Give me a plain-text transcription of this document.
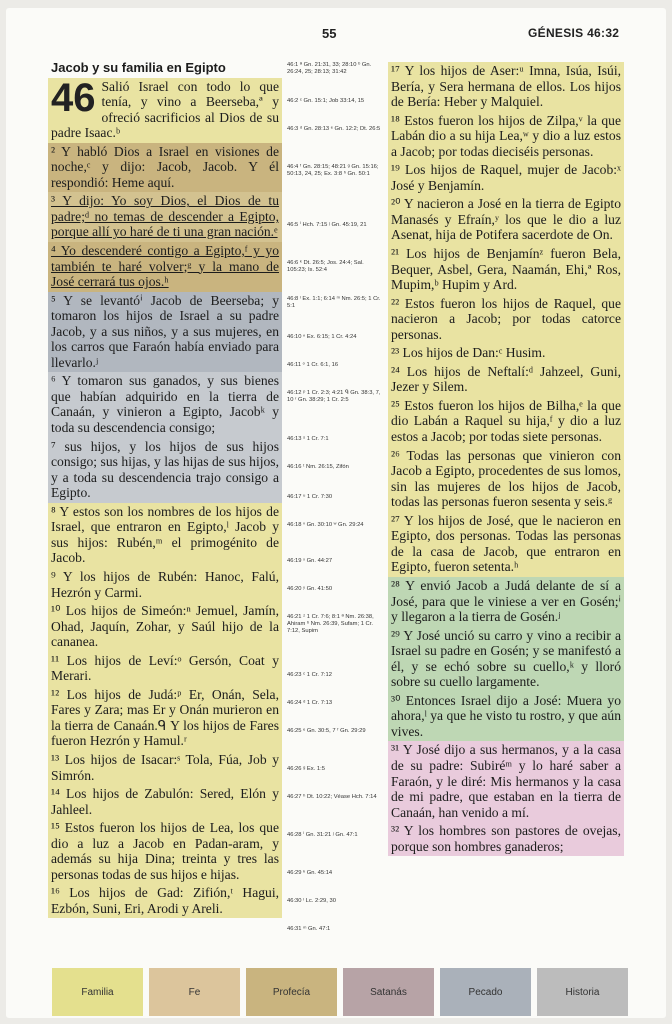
55	GÉNESIS 46:32
Jacob y su familia en Egipto
46 Salió Israel con todo lo que tenía, y vino a Beerseba,ª y ofreció sacrificios al Dios de su padre Isaac.ᵇ
² Y habló Dios a Israel en visiones de noche,ᶜ y dijo: Jacob, Jacob. Y él respondió: Heme aquí.
³ Y dijo: Yo soy Dios, el Dios de tu padre;ᵈ no temas de descender a Egipto, porque allí yo haré de ti una gran nación.ᵉ
⁴ Yo descenderé contigo a Egipto,ᶠ y yo también te haré volver;ᵍ y la mano de José cerrará tus ojos.ʰ
⁵ Y se levantóⁱ Jacob de Beerseba; y tomaron los hijos de Israel a su padre Jacob, y a sus niños, y a sus mujeres, en los carros que Faraón había enviado para llevarlo.ʲ
⁶ Y tomaron sus ganados, y sus bienes que habían adquirido en la tierra de Canaán, y vinieron a Egipto, Jacobᵏ y toda su descendencia consigo;
⁷ sus hijos, y los hijos de sus hijos consigo; sus hijas, y las hijas de sus hijos, y a toda su descendencia trajo consigo a Egipto.
⁸ Y estos son los nombres de los hijos de Israel, que entraron en Egipto,ˡ Jacob y sus hijos: Rubén,ᵐ el primogénito de Jacob.
⁹ Y los hijos de Rubén: Hanoc, Falú, Hezrón y Carmi.
¹⁰ Los hijos de Simeón:ⁿ Jemuel, Jamín, Ohad, Jaquín, Zohar, y Saúl hijo de la cananea.
¹¹ Los hijos de Leví:ᵒ Gersón, Coat y Merari.
¹² Los hijos de Judá:ᵖ Er, Onán, Sela, Fares y Zara; mas Er y Onán murieron en la tierra de Canaán.ᑫ Y los hijos de Fares fueron Hezrón y Hamul.ʳ
¹³ Los hijos de Isacar:ˢ Tola, Fúa, Job y Simrón.
¹⁴ Los hijos de Zabulón: Sered, Elón y Jahleel.
¹⁵ Estos fueron los hijos de Lea, los que dio a luz a Jacob en Padan-aram, y además su hija Dina; treinta y tres las personas todas de sus hijos e hijas.
¹⁶ Los hijos de Gad: Zifión,ᵗ Hagui, Ezbón, Suni, Eri, Arodi y Areli.
46:1 ª Gn. 21:31, 33; 28:10 ᵇ Gn. 26:24, 25; 28:13; 31:42
46:2 ᶜ Gn. 15:1; Job 33:14, 15
46:3 ᵈ Gn. 28:13 ᵉ Gn. 12:2; Dt. 26:5
46:4 ᶠ Gn. 28:15; 48:21 ᵍ Gn. 15:16; 50:13, 24, 25; Ex. 3:8 ʰ Gn. 50:1
46:5 ⁱ Hch. 7:15 ʲ Gn. 45:19, 21
46:6 ᵏ Dt. 26:5; Jos. 24:4; Sal. 105:23; Is. 52:4
46:8 ˡ Ex. 1:1; 6:14 ᵐ Nm. 26:5; 1 Cr. 5:1
46:10 ⁿ Ex. 6:15; 1 Cr. 4:24
46:11 ᵒ 1 Cr. 6:1, 16
46:12 ᵖ 1 Cr. 2:3; 4:21 ᑫ Gn. 38:3, 7, 10 ʳ Gn. 38:29; 1 Cr. 2:5
46:13 ˢ 1 Cr. 7:1
46:16 ᵗ Nm. 26:15, Zifón
46:17 ᵘ 1 Cr. 7:30
46:18 ᵛ Gn. 30:10 ʷ Gn. 29:24
46:19 ˣ Gn. 44:27
46:20 ʸ Gn. 41:50
46:21 ᶻ 1 Cr. 7:6; 8:1 ª Nm. 26:38, Ahiram ᵇ Nm. 26:39, Sufam; 1 Cr. 7:12, Supim
46:23 ᶜ 1 Cr. 7:12
46:24 ᵈ 1 Cr. 7:13
46:25 ᵉ Gn. 30:5, 7 ᶠ Gn. 29:29
46:26 ᵍ Ex. 1:5
46:27 ʰ Dt. 10:22; Véase Hch. 7:14
46:28 ⁱ Gn. 31:21 ʲ Gn. 47:1
46:29 ᵏ Gn. 45:14
46:30 ˡ Lc. 2:29, 30
46:31 ᵐ Gn. 47:1
¹⁷ Y los hijos de Aser:ᵘ Imna, Isúa, Isúi, Bería, y Sera hermana de ellos. Los hijos de Bería: Heber y Malquiel.
¹⁸ Estos fueron los hijos de Zilpa,ᵛ la que Labán dio a su hija Lea,ʷ y dio a luz estos a Jacob; por todas dieciséis personas.
¹⁹ Los hijos de Raquel, mujer de Jacob:ˣ José y Benjamín.
²⁰ Y nacieron a José en la tierra de Egipto Manasés y Efraín,ʸ los que le dio a luz Asenat, hija de Potifera sacerdote de On.
²¹ Los hijos de Benjamínᶻ fueron Bela, Bequer, Asbel, Gera, Naamán, Ehi,ª Ros, Mupim,ᵇ Hupim y Ard.
²² Estos fueron los hijos de Raquel, que nacieron a Jacob; por todas catorce personas.
²³ Los hijos de Dan:ᶜ Husim.
²⁴ Los hijos de Neftalí:ᵈ Jahzeel, Guni, Jezer y Silem.
²⁵ Estos fueron los hijos de Bilha,ᵉ la que dio Labán a Raquel su hija,ᶠ y dio a luz estos a Jacob; por todas siete personas.
²⁶ Todas las personas que vinieron con Jacob a Egipto, procedentes de sus lomos, sin las mujeres de los hijos de Jacob, todas las personas fueron sesenta y seis.ᵍ
²⁷ Y los hijos de José, que le nacieron en Egipto, dos personas. Todas las personas de la casa de Jacob, que entraron en Egipto, fueron setenta.ʰ
²⁸ Y envió Jacob a Judá delante de sí a José, para que le viniese a ver en Gosén;ⁱ y llegaron a la tierra de Gosén.ʲ
²⁹ Y José unció su carro y vino a recibir a Israel su padre en Gosén; y se manifestó a él, y se echó sobre su cuello,ᵏ y lloró sobre su cuello largamente.
³⁰ Entonces Israel dijo a José: Muera yo ahora,ˡ ya que he visto tu rostro, y que aún vives.
³¹ Y José dijo a sus hermanos, y a la casa de su padre: Subiréᵐ y lo haré saber a Faraón, y le diré: Mis hermanos y la casa de mi padre, que estaban en la tierra de Canaán, han venido a mí.
³² Y los hombres son pastores de ovejas, porque son hombres ganaderos;
Familia	Fe	Profecía	Satanás	Pecado	Historia
